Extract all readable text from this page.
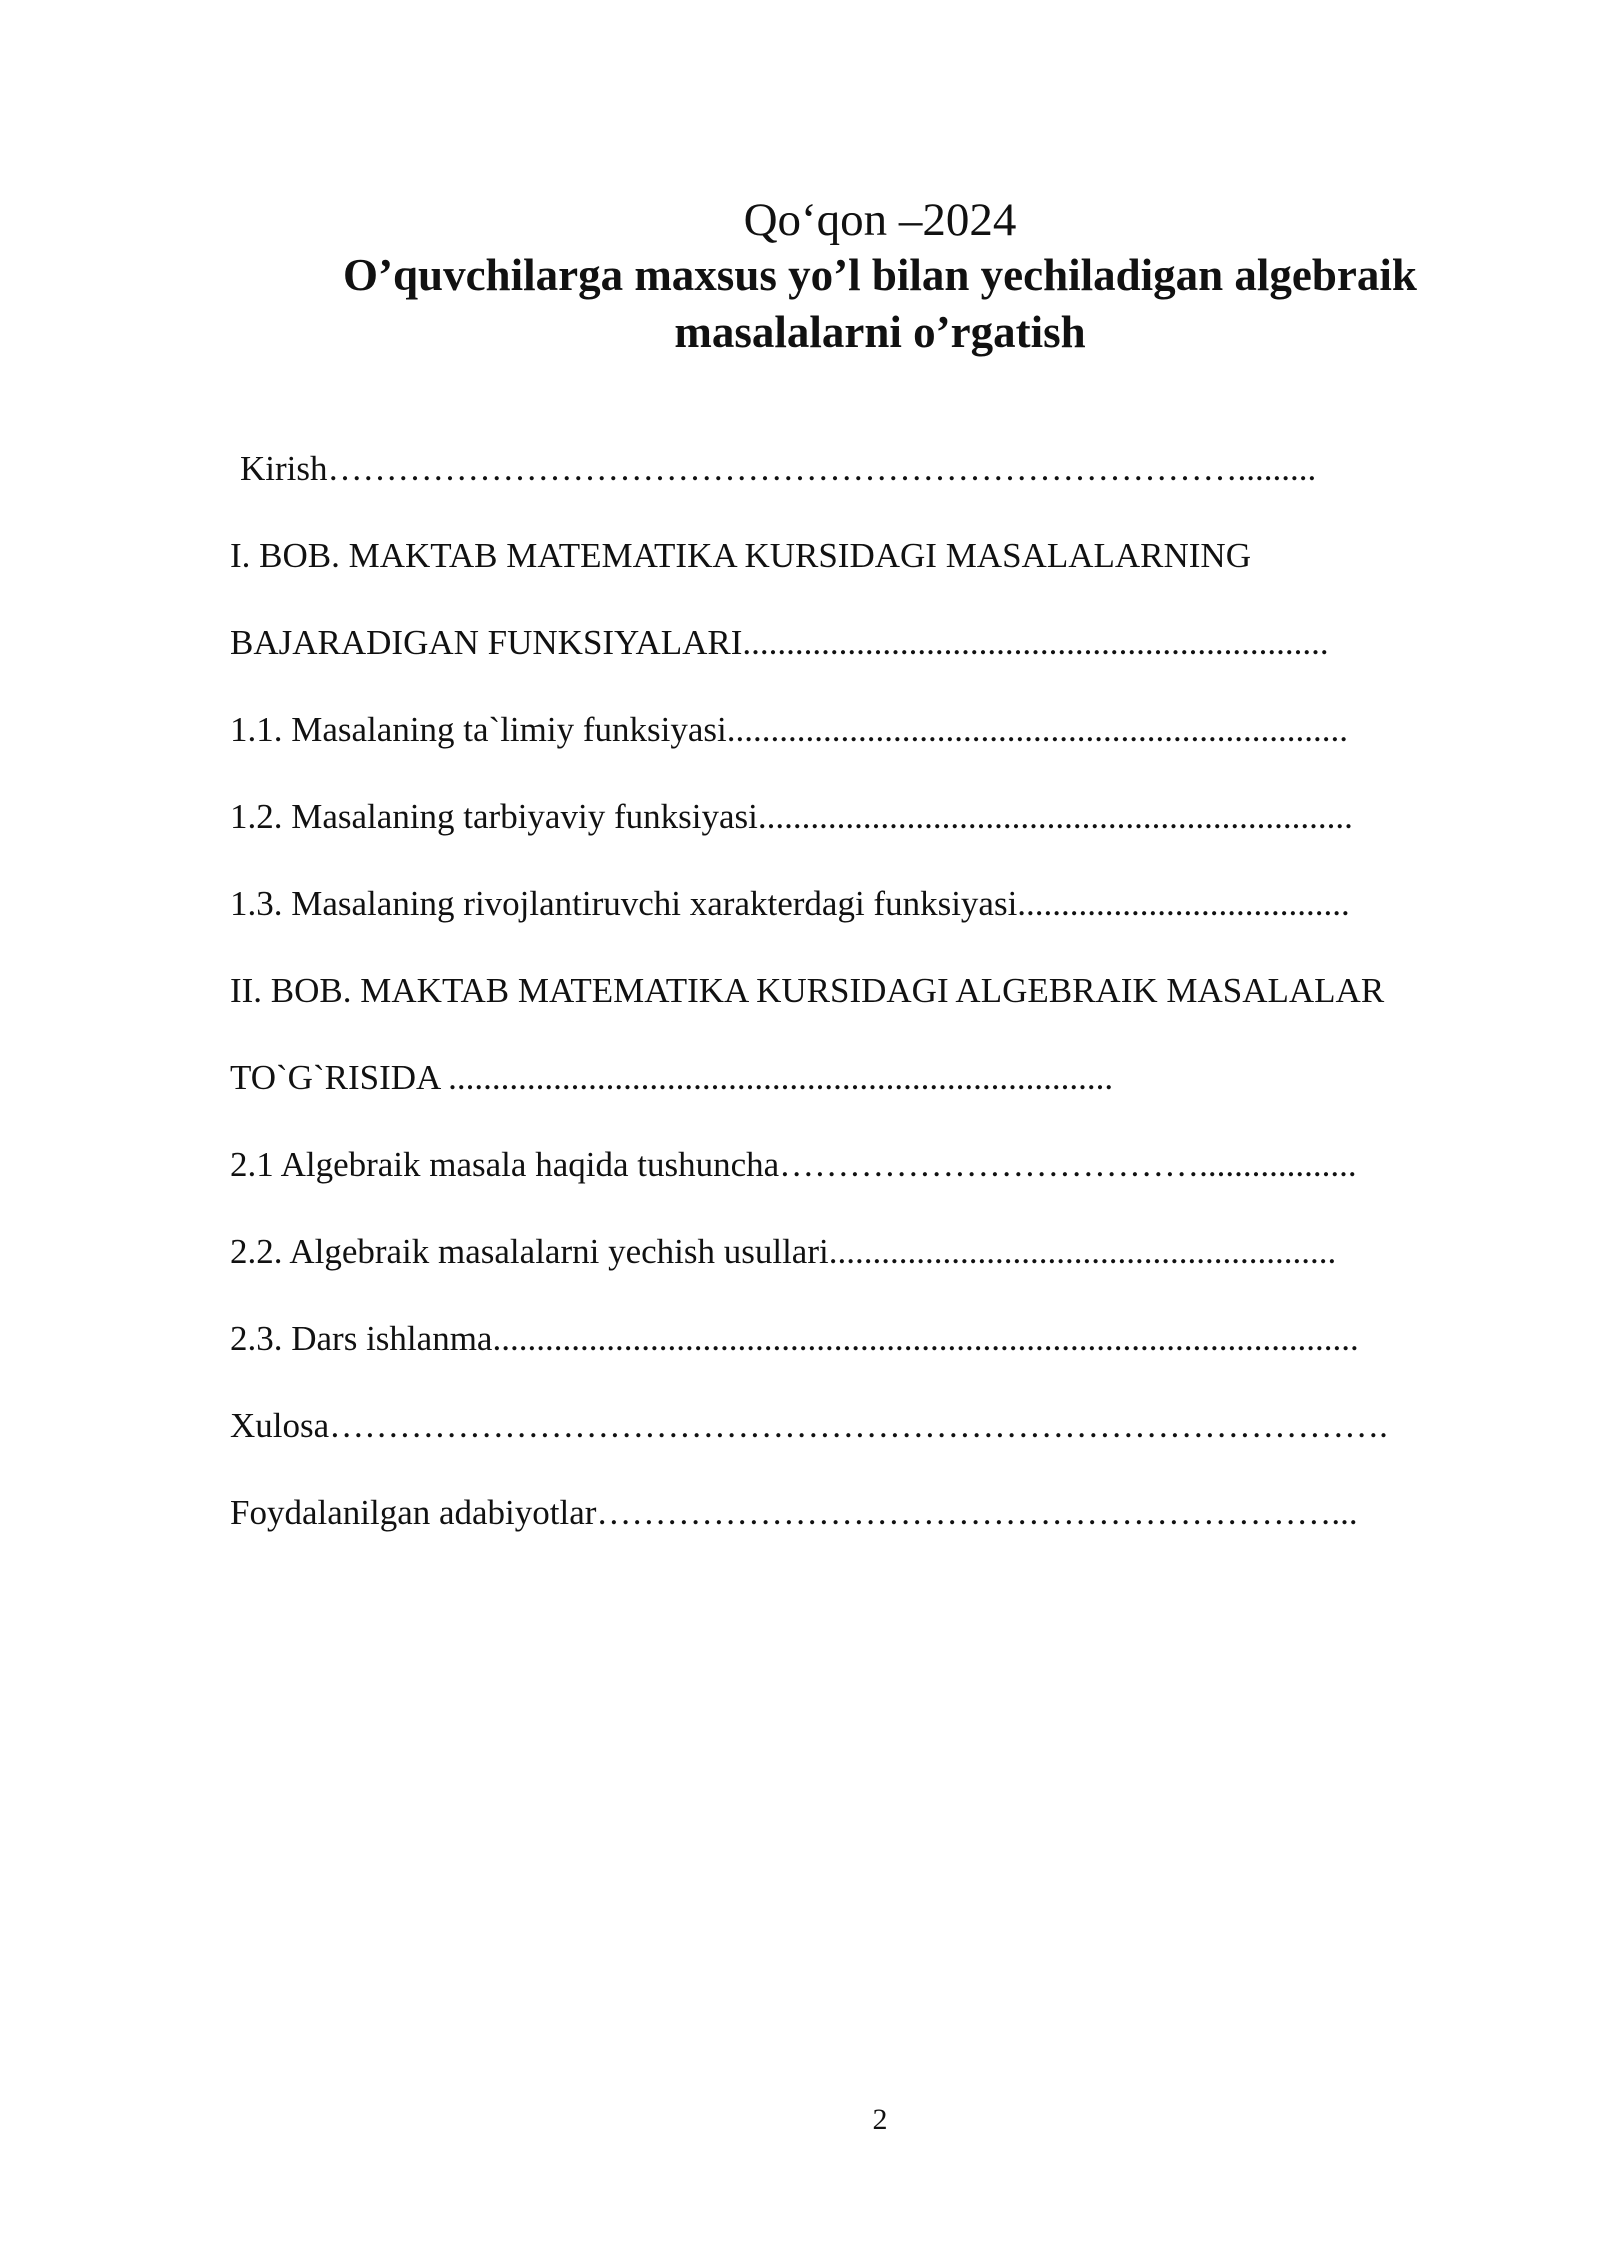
Qo‘qon –2024
O’quvchilarga maxsus yo’l bilan yechiladigan algebraik
masalalarni o’rgatish
Kirish…………………………………………………………………….........
I. BOB. MAKTAB MATEMATIKA KURSIDAGI MASALALARNING
BAJARADIGAN FUNKSIYALARI...................................................................
1.1. Masalaning ta`limiy funksiyasi.......................................................................
1.2. Masalaning tarbiyaviy funksiyasi....................................................................
1.3. Masalaning rivojlantiruvchi xarakterdagi funksiyasi......................................
II. BOB. MAKTAB MATEMATIKA KURSIDAGI ALGEBRAIK MASALALAR
TO`G`RISIDA ............................................................................
2.1 Algebraik masala haqida tushuncha………………………………..................
2.2. Algebraik masalalarni yechish usullari..........................................................
2.3. Dars ishlanma...................................................................................................
Xulosa……………………………………………………………………………….
Foydalanilgan adabiyotlar………………………………………………………...
2
